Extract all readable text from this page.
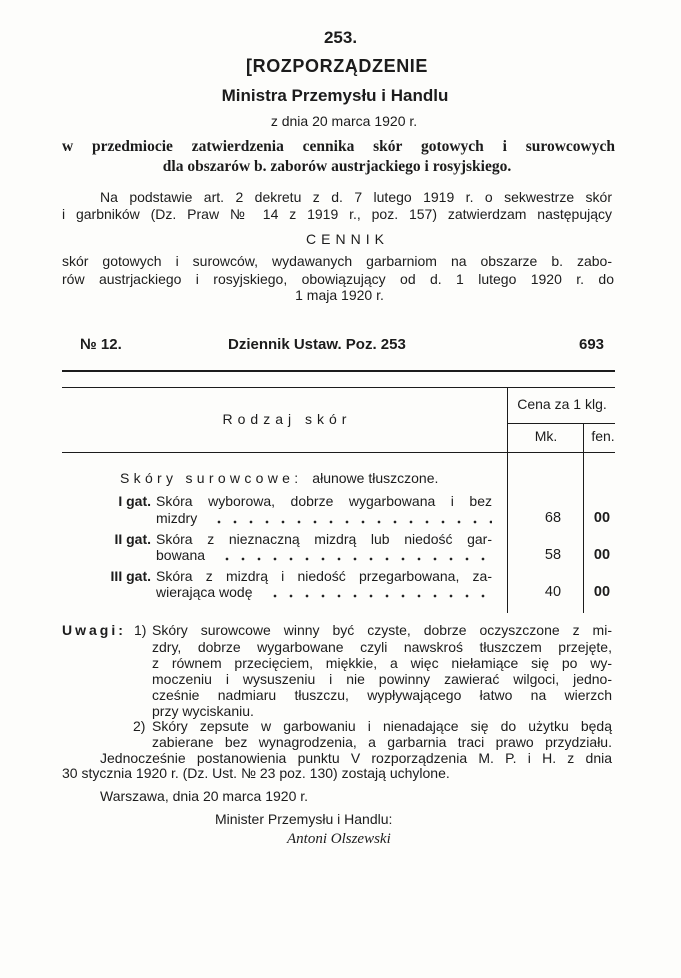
253.
[ROZPORZĄDZENIE
Ministra Przemysłu i Handlu
z dnia 20 marca 1920 r.
w przedmiocie zatwierdzenia cennika skór gotowych i surowcowych
dla obszarów b. zaborów austrjackiego i rosyjskiego.
Na podstawie art. 2 dekretu z d. 7 lutego 1919 r. o sekwestrze skór
i garbników (Dz. Praw № 14 z 1919 r., poz. 157) zatwierdzam następujący
CENNIK
skór gotowych i surowców, wydawanych garbarniom na obszarze b. zabo-
rów austrjackiego i rosyjskiego, obowiązujący od d. 1 lutego 1920 r. do
1 maja 1920 r.
№ 12.	Dziennik Ustaw. Poz. 253	693
Rodzaj skór
Cena za 1 klg.
Mk.	fen.
Skóry surowcowe: ałunowe tłuszczone.
I gat. Skóra wyborowa, dobrze wygarbowana i bez
mizdry	68	00
II gat. Skóra z nieznaczną mizdrą lub niedość gar-
bowana	58	00
III gat. Skóra z mizdrą i niedość przegarbowana, za-
wierająca wodę	40	00
Uwagi: 1) Skóry surowcowe winny być czyste, dobrze oczyszczone z mi-
zdry, dobrze wygarbowane czyli nawskroś tłuszczem przejęte,
z równem przecięciem, miękkie, a więc niełamiące się po wy-
moczeniu i wysuszeniu i nie powinny zawierać wilgoci, jedno-
cześnie nadmiaru tłuszczu, wypływającego łatwo na wierzch
przy wyciskaniu.
2) Skóry zepsute w garbowaniu i nienadające się do użytku będą
zabierane bez wynagrodzenia, a garbarnia traci prawo przydziału.
Jednocześnie postanowienia punktu V rozporządzenia M. P. i H. z dnia
30 stycznia 1920 r. (Dz. Ust. № 23 poz. 130) zostają uchylone.
Warszawa, dnia 20 marca 1920 r.
Minister Przemysłu i Handlu:
Antoni Olszewski
